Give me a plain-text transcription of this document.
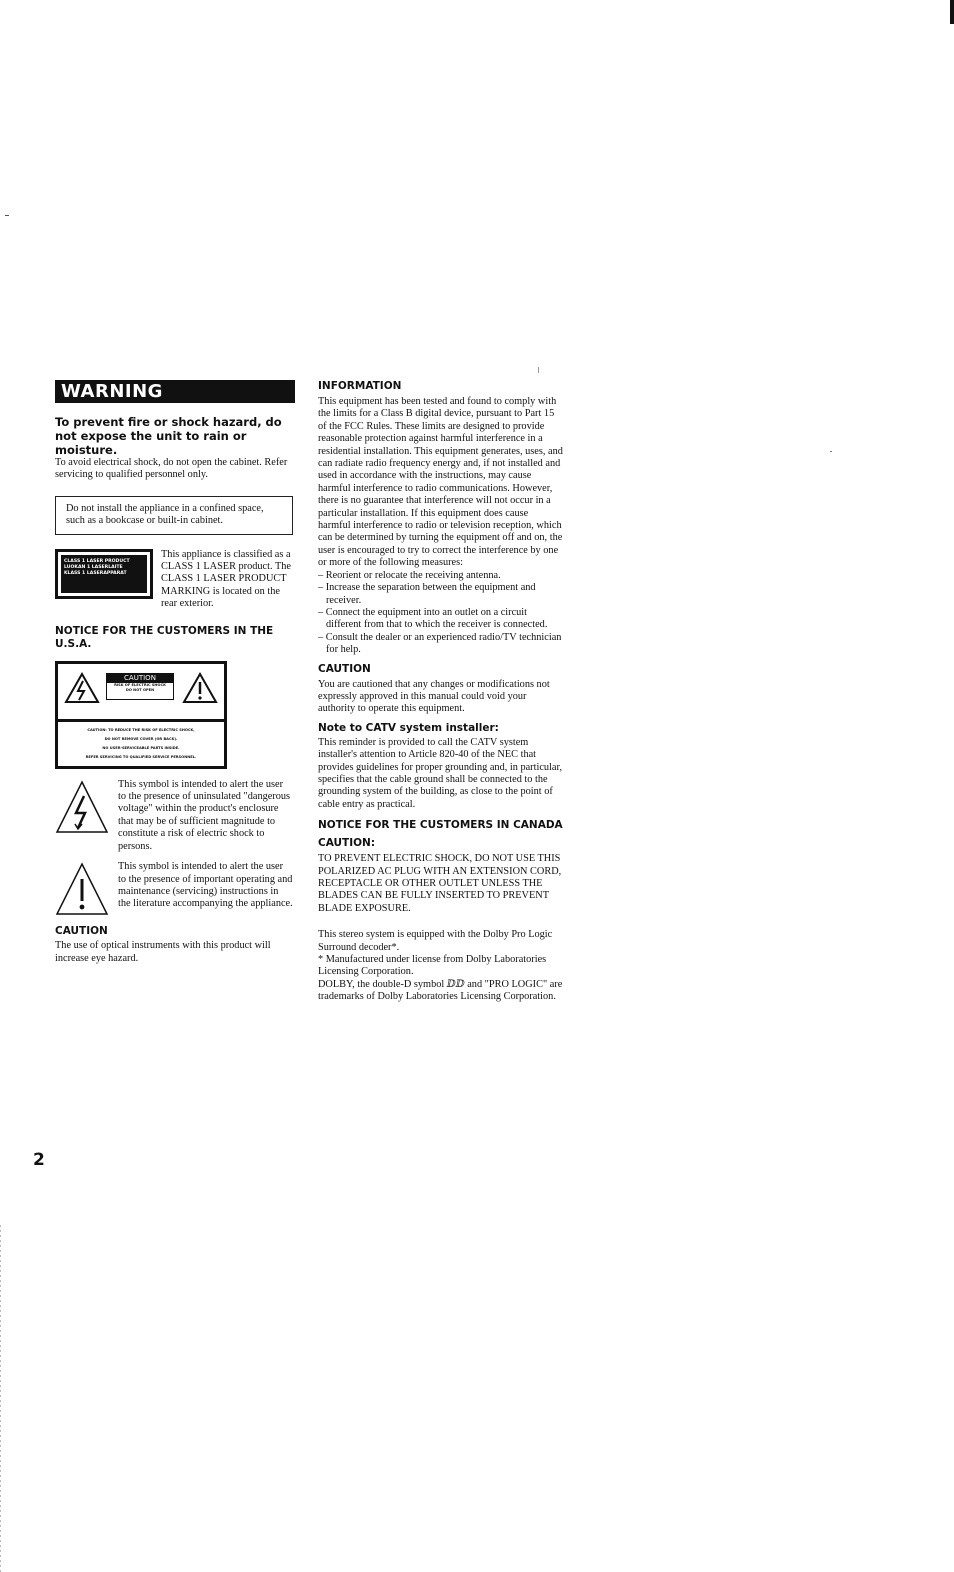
WARNING
To prevent fire or shock hazard, do not expose the unit to rain or moisture.

To avoid electrical shock, do not open the cabinet. Refer servicing to qualified personnel only.

Do not install the appliance in a confined space, such as a bookcase or built-in cabinet.
CLASS 1 LASER PRODUCT
LUOKAN 1 LASERLAITE
KLASS 1 LASERAPPARAT
This appliance is classified as a CLASS 1 LASER product. The CLASS 1 LASER PRODUCT MARKING is located on the rear exterior.
NOTICE FOR THE CUSTOMERS IN THE U.S.A.
CAUTION
RISK OF ELECTRIC SHOCK
DO NOT OPEN
CAUTION: TO REDUCE THE RISK OF ELECTRIC SHOCK,
DO NOT REMOVE COVER (OR BACK).
NO USER-SERVICEABLE PARTS INSIDE.
REFER SERVICING TO QUALIFIED SERVICE PERSONNEL.
This symbol is intended to alert the user to the presence of uninsulated "dangerous voltage" within the product's enclosure that may be of sufficient magnitude to constitute a risk of electric shock to persons.
This symbol is intended to alert the user to the presence of important operating and maintenance (servicing) instructions in the literature accompanying the appliance.
CAUTION

The use of optical instruments with this product will increase eye hazard.

INFORMATION

This equipment has been tested and found to comply with the limits for a Class B digital device, pursuant to Part 15 of the FCC Rules. These limits are designed to provide reasonable protection against harmful interference in a residential installation. This equipment generates, uses, and can radiate radio frequency energy and, if not installed and used in accordance with the instructions, may cause harmful interference to radio communications. However, there is no guarantee that interference will not occur in a particular installation. If this equipment does cause harmful interference to radio or television reception, which can be determined by turning the equipment off and on, the user is encouraged to try to correct the interference by one or more of the following measures:

– Reorient or relocate the receiving antenna.
– Increase the separation between the equipment and receiver.
– Connect the equipment into an outlet on a circuit different from that to which the receiver is connected.
– Consult the dealer or an experienced radio/TV technician for help.
CAUTION

You are cautioned that any changes or modifications not expressly approved in this manual could void your authority to operate this equipment.

Note to CATV system installer:

This reminder is provided to call the CATV system installer's attention to Article 820-40 of the NEC that provides guidelines for proper grounding and, in particular, specifies that the cable ground shall be connected to the grounding system of the building, as close to the point of cable entry as practical.

NOTICE FOR THE CUSTOMERS IN CANADA
CAUTION:

TO PREVENT ELECTRIC SHOCK, DO NOT USE THIS POLARIZED AC PLUG WITH AN EXTENSION CORD, RECEPTACLE OR OTHER OUTLET UNLESS THE BLADES CAN BE FULLY INSERTED TO PREVENT BLADE EXPOSURE.

This stereo system is equipped with the Dolby Pro Logic Surround decoder*.

* Manufactured under license from Dolby Laboratories Licensing Corporation.

DOLBY, the double-D symbol ⅅⅅ and "PRO LOGIC" are trademarks of Dolby Laboratories Licensing Corporation.

2
